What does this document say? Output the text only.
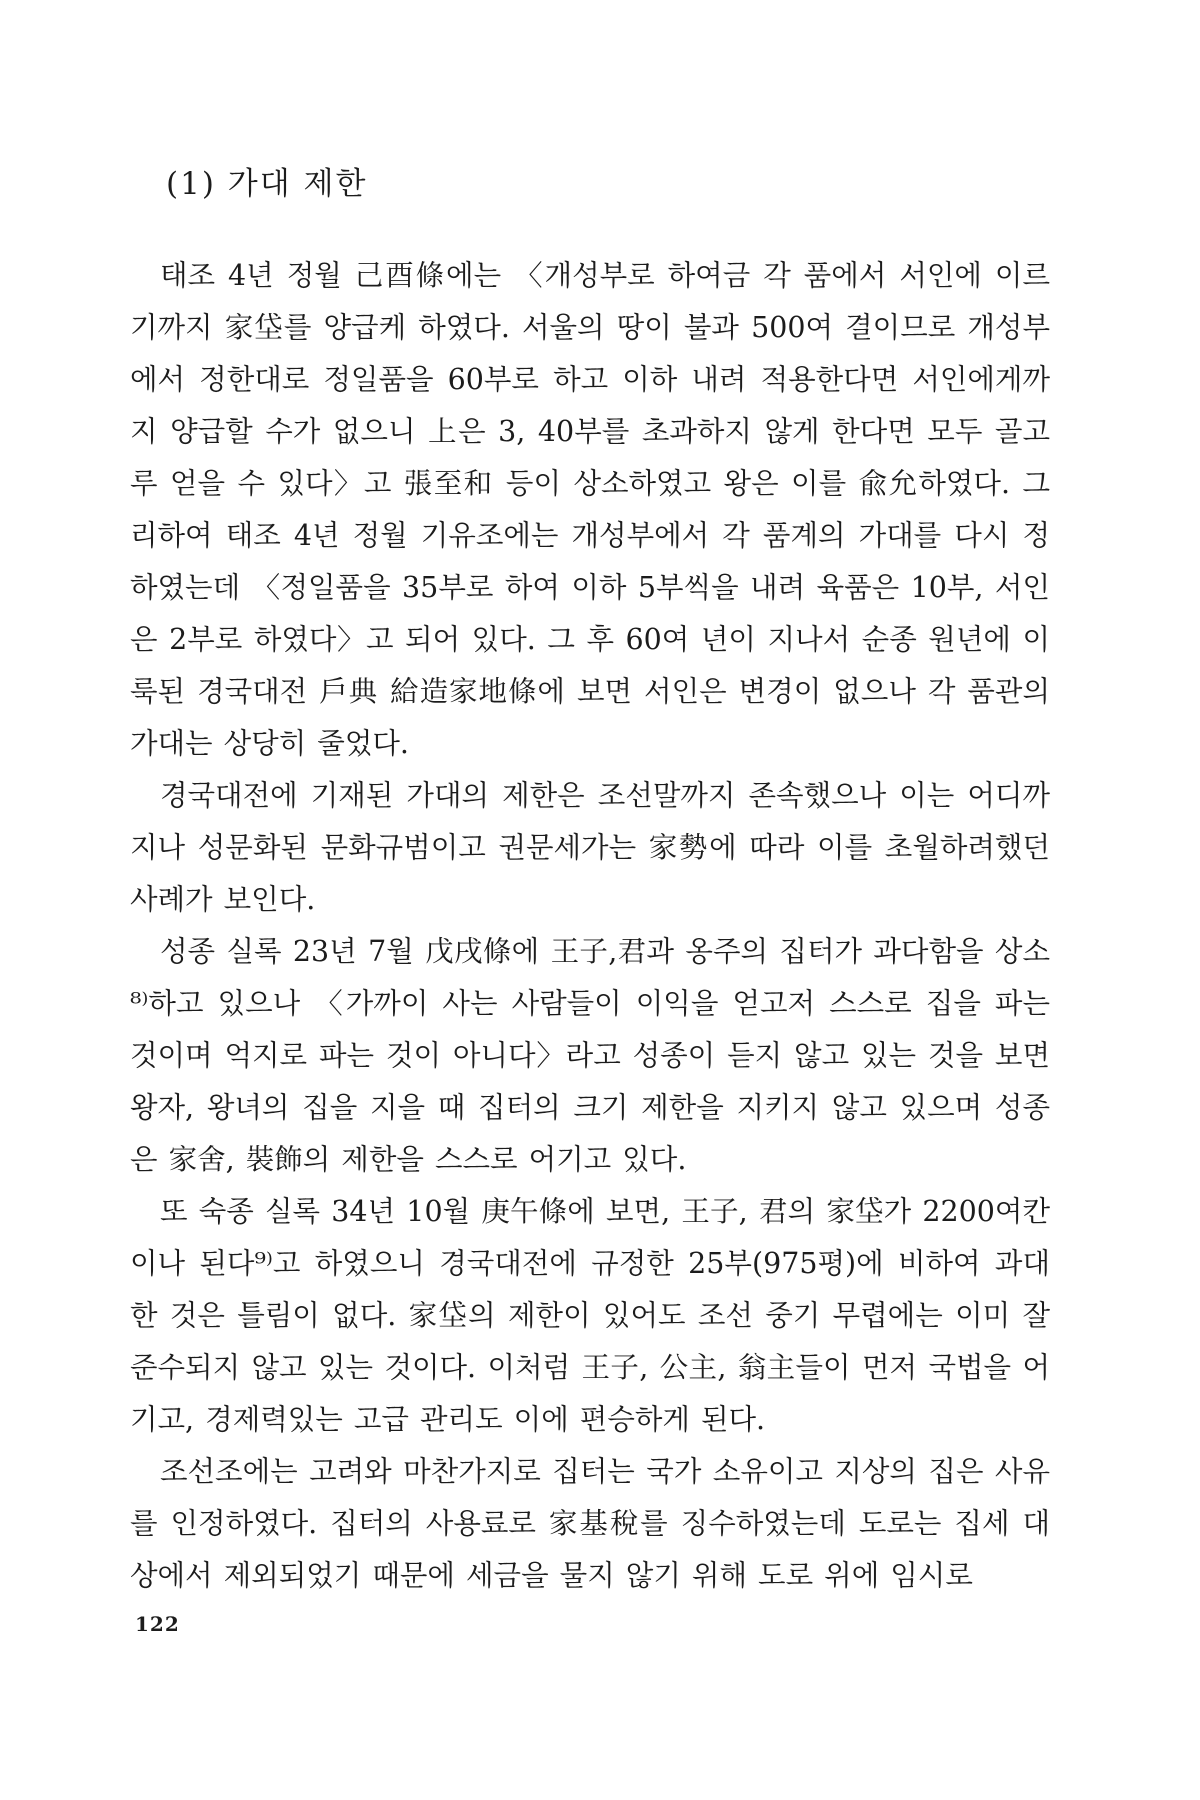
(1) 가대 제한

태조 4년 정월 己酉條에는 〈개성부로 하여금 각 품에서 서인에 이르기까지 家垈를 양급케 하였다. 서울의 땅이 불과 500여 결이므로 개성부에서 정한대로 정일품을 60부로 하고 이하 내려 적용한다면 서인에게까지 양급할 수가 없으니 上은 3, 40부를 초과하지 않게 한다면 모두 골고루 얻을 수 있다〉고 張至和 등이 상소하였고 왕은 이를 兪允하였다. 그리하여 태조 4년 정월 기유조에는 개성부에서 각 품계의 가대를 다시 정하였는데 〈정일품을 35부로 하여 이하 5부씩을 내려 육품은 10부, 서인은 2부로 하였다〉고 되어 있다. 그 후 60여 년이 지나서 순종 원년에 이룩된 경국대전 戶典 給造家地條에 보면 서인은 변경이 없으나 각 품관의 가대는 상당히 줄었다.

경국대전에 기재된 가대의 제한은 조선말까지 존속했으나 이는 어디까지나 성문화된 문화규범이고 권문세가는 家勢에 따라 이를 초월하려했던 사례가 보인다.

성종 실록 23년 7월 戊戌條에 王子,君과 옹주의 집터가 과다함을 상소⁸⁾하고 있으나 〈가까이 사는 사람들이 이익을 얻고저 스스로 집을 파는 것이며 억지로 파는 것이 아니다〉라고 성종이 듣지 않고 있는 것을 보면 왕자, 왕녀의 집을 지을 때 집터의 크기 제한을 지키지 않고 있으며 성종은 家舍, 裝飾의 제한을 스스로 어기고 있다.

또 숙종 실록 34년 10월 庚午條에 보면, 王子, 君의 家垈가 2200여칸이나 된다⁹⁾고 하였으니 경국대전에 규정한 25부(975평)에 비하여 과대한 것은 틀림이 없다. 家垈의 제한이 있어도 조선 중기 무렵에는 이미 잘 준수되지 않고 있는 것이다. 이처럼 王子, 公主, 翁主들이 먼저 국법을 어기고, 경제력있는 고급 관리도 이에 편승하게 된다.

조선조에는 고려와 마찬가지로 집터는 국가 소유이고 지상의 집은 사유를 인정하였다. 집터의 사용료로 家基稅를 징수하였는데 도로는 집세 대상에서 제외되었기 때문에 세금을 물지 않기 위해 도로 위에 임시로

122
